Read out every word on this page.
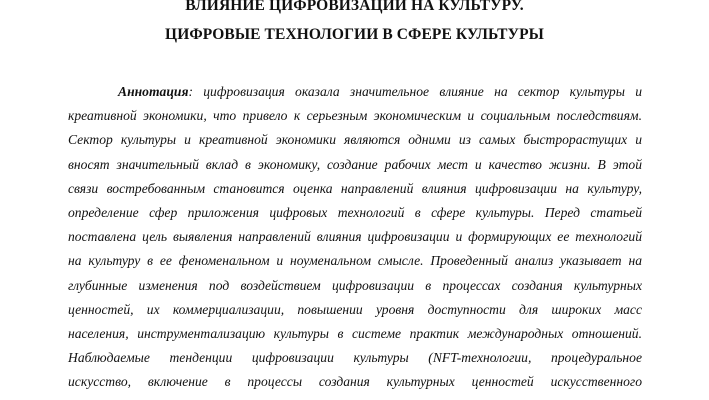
ВЛИЯНИЕ ЦИФРОВИЗАЦИИ НА КУЛЬТУРУ.
ЦИФРОВЫЕ ТЕХНОЛОГИИ В СФЕРЕ КУЛЬТУРЫ
Аннотация: цифровизация оказала значительное влияние на сектор культуры и
креативной экономики, что привело к серьезным экономическим и социальным последствиям.
Сектор культуры и креативной экономики являются одними из самых быстрорастущих и
вносят значительный вклад в экономику, создание рабочих мест и качество жизни. В этой
связи востребованным становится оценка направлений влияния цифровизации на культуру,
определение сфер приложения цифровых технологий в сфере культуры. Перед статьей
поставлена цель выявления направлений влияния цифровизации и формирующих ее технологий
на культуру в ее феноменальном и ноуменальном смысле. Проведенный анализ указывает на
глубинные изменения под воздействием цифровизации в процессах создания культурных
ценностей, их коммерциализации, повышении уровня доступности для широких масс
населения, инструментализацию культуры в системе практик международных отношений.
Наблюдаемые тенденции цифровизации культуры (NFT-технологии, процедуральное
искусство, включение в процессы создания культурных ценностей искусственного
